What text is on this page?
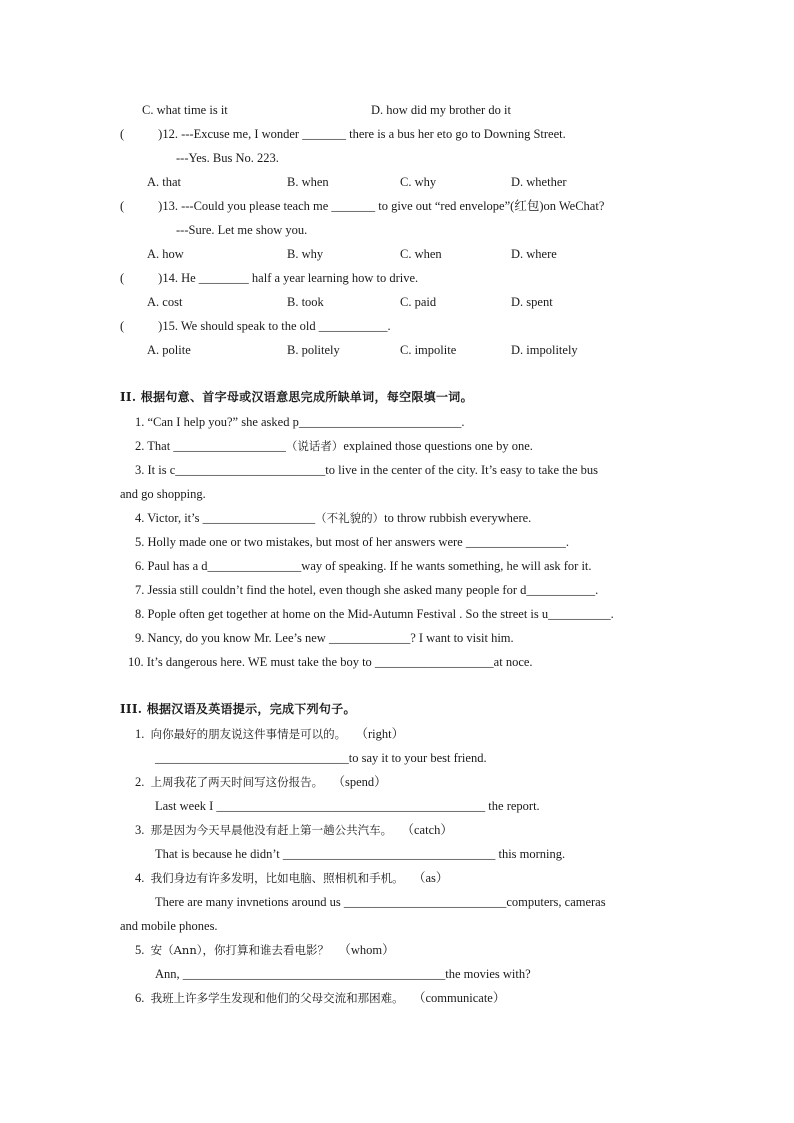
C. what time is it	D. how did my brother do it
(	)12. ---Excuse me, I wonder _______ there is a bus her eto go to Downing Street.
---Yes. Bus No. 223.
A. that	B. when	C. why	D. whether
(	)13. ---Could you please teach me _______ to give out “red envelope”(红包)on WeChat?
---Sure. Let me show you.
A. how	B. why	C. when	D. where
(	)14. He ________ half a year learning how to drive.
A. cost	B. took	C. paid	D. spent
(	)15. We should speak to the old ___________.
A. polite	B. politely	C. impolite	D. impolitely
II. 根据句意、首字母或汉语意思完成所缺单词，每空限填一词。
1. “Can I help you?” she asked p__________________________.
2. That __________________（说话者）explained those questions one by one.
3. It is c________________________to live in the center of the city. It’s easy to take the bus
and go shopping.
4. Victor, it’s __________________（不礼貌的）to throw rubbish everywhere.
5. Holly made one or two mistakes, but most of her answers were ________________.
6. Paul has a d_______________way of speaking. If he wants something, he will ask for it.
7. Jessia still couldn’t find the hotel, even though she asked many people for d___________.
8. Pople often get together at home on the Mid-Autumn Festival . So the street is u__________.
9. Nancy, do you know Mr. Lee’s new _____________? I want to visit him.
10. It’s dangerous here. WE must take the boy to ___________________at noce.
III. 根据汉语及英语提示，完成下列句子。
1. 向你最好的朋友说这件事情是可以的。 （right）
_______________________________to say it to your best friend.
2. 上周我花了两天时间写这份报告。 （spend）
Last week I ___________________________________________ the report.
3. 那是因为今天早晨他没有赶上第一趟公共汽车。 （catch）
That is because he didn’t __________________________________ this morning.
4. 我们身边有许多发明，比如电脑、照相机和手机。 （as）
There are many invnetions around us __________________________computers, cameras
and mobile phones.
5. 安（Ann），你打算和谁去看电影？ （whom）
Ann, __________________________________________the movies with?
6. 我班上许多学生发现和他们的父母交流和那困难。 （communicate）
